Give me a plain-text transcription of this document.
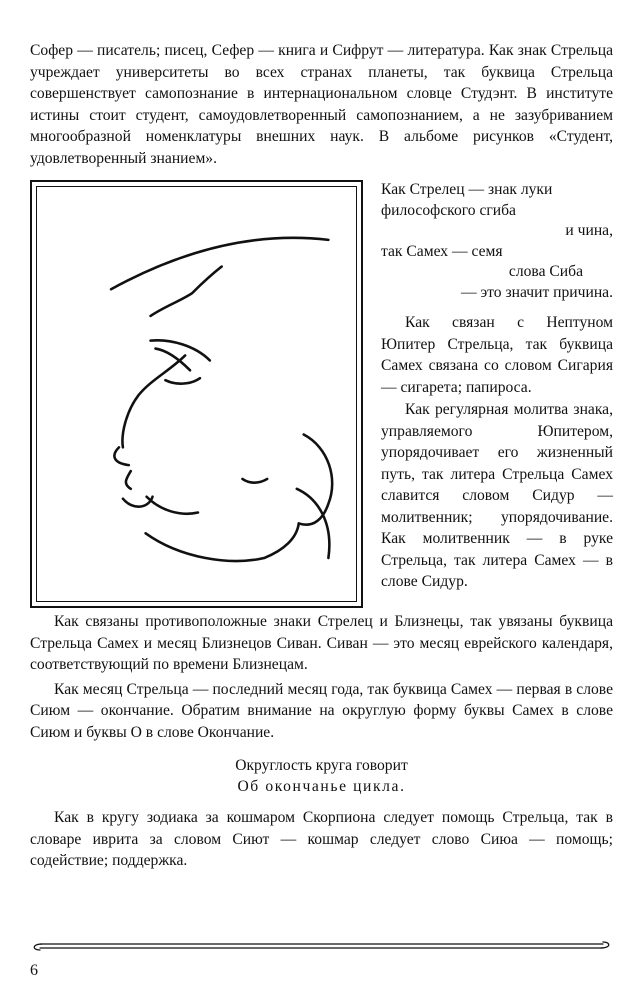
Софер — писатель; писец, Сефер — книга и Сифрут — литература. Как знак Стрельца учреждает университеты во всех странах планеты, так буквица Стрельца совершенствует самопознание в интернациональном словце Студэнт. В институте истины стоит студент, самоудовлетворенный самопознанием, а не зазубриванием многообразной номенклатуры внешних наук. В альбоме рисунков «Студент, удовлетворенный знанием».

Как Стрелец — знак луки
философского сгиба
и чина,
так Самех — семя
слова Сиба
— это значит причина.

Как связан с Нептуном Юпитер Стрельца, так буквица Самех связана со словом Сигария — сигарета; папироса.

Как регулярная молитва знака, управляемого Юпитером, упорядочивает его жизненный путь, так литера Стрельца Самех славится словом Сидур — молитвенник; упорядочивание. Как молитвенник — в руке Стрельца, так литера Самех — в слове Сидур.

Как связаны противоположные знаки Стрелец и Близнецы, так увязаны буквица Стрельца Самех и месяц Близнецов Сиван. Сиван — это месяц еврейского календаря, соответствующий по времени Близнецам.

Как месяц Стрельца — последний месяц года, так буквица Самех — первая в слове Сиюм — окончание. Обратим внимание на округлую форму буквы Самех в слове Сиюм и буквы О в слове Окончание.

Округлость круга говорит
Об окончанье цикла.

Как в кругу зодиака за кошмаром Скорпиона следует помощь Стрельца, так в словаре иврита за словом Сиют — кошмар следует слово Сиюа — помощь; содействие; поддержка.

6
